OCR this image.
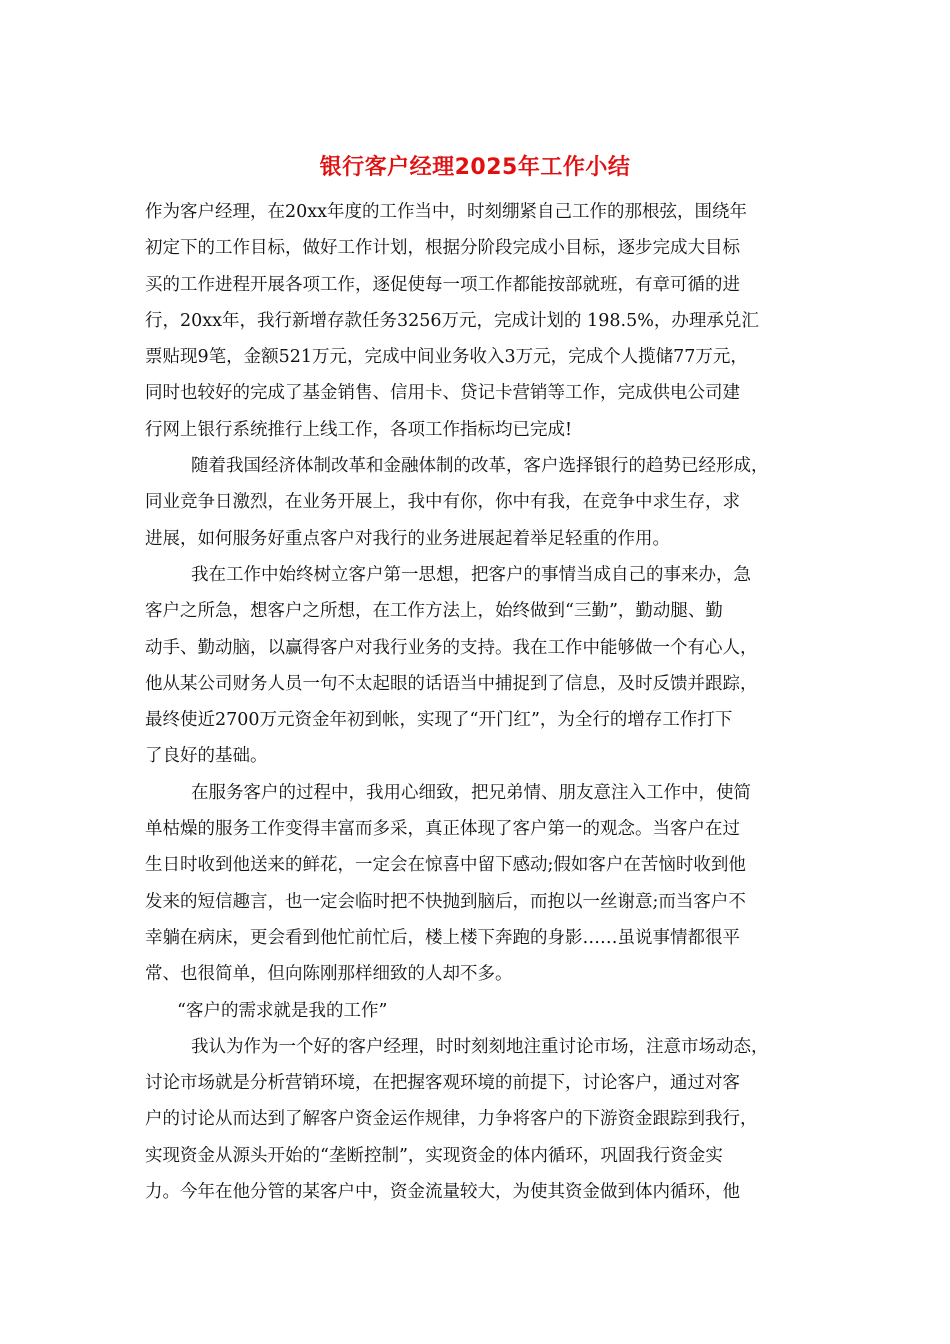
银行客户经理2025年工作小结
作为客户经理，在20xx年度的工作当中，时刻绷紧自己工作的那根弦，围绕年
初定下的工作目标，做好工作计划，根据分阶段完成小目标，逐步完成大目标
买的工作进程开展各项工作，逐促使每一项工作都能按部就班，有章可循的进
行，20xx年，我行新增存款任务3256万元，完成计划的 198.5%，办理承兑汇
票贴现9笔，金额521万元，完成中间业务收入3万元，完成个人揽储77万元，
同时也较好的完成了基金销售、信用卡、贷记卡营销等工作，完成供电公司建
行网上银行系统推行上线工作，各项工作指标均已完成!
随着我国经济体制改革和金融体制的改革，客户选择银行的趋势已经形成，
同业竞争日激烈，在业务开展上，我中有你，你中有我，在竞争中求生存，求
进展，如何服务好重点客户对我行的业务进展起着举足轻重的作用。
我在工作中始终树立客户第一思想，把客户的事情当成自己的事来办，急
客户之所急，想客户之所想，在工作方法上，始终做到“三勤”，勤动腿、勤
动手、勤动脑，以赢得客户对我行业务的支持。我在工作中能够做一个有心人，
他从某公司财务人员一句不太起眼的话语当中捕捉到了信息，及时反馈并跟踪，
最终使近2700万元资金年初到帐，实现了“开门红”，为全行的增存工作打下
了良好的基础。
在服务客户的过程中，我用心细致，把兄弟情、朋友意注入工作中，使简
单枯燥的服务工作变得丰富而多采，真正体现了客户第一的观念。当客户在过
生日时收到他送来的鲜花，一定会在惊喜中留下感动;假如客户在苦恼时收到他
发来的短信趣言，也一定会临时把不快抛到脑后，而抱以一丝谢意;而当客户不
幸躺在病床，更会看到他忙前忙后，楼上楼下奔跑的身影……虽说事情都很平
常、也很简单，但向陈刚那样细致的人却不多。
“客户的需求就是我的工作”
我认为作为一个好的客户经理，时时刻刻地注重讨论市场，注意市场动态，
讨论市场就是分析营销环境，在把握客观环境的前提下，讨论客户，通过对客
户的讨论从而达到了解客户资金运作规律，力争将客户的下游资金跟踪到我行，
实现资金从源头开始的“垄断控制”，实现资金的体内循环，巩固我行资金实
力。今年在他分管的某客户中，资金流量较大，为使其资金做到体内循环，他
